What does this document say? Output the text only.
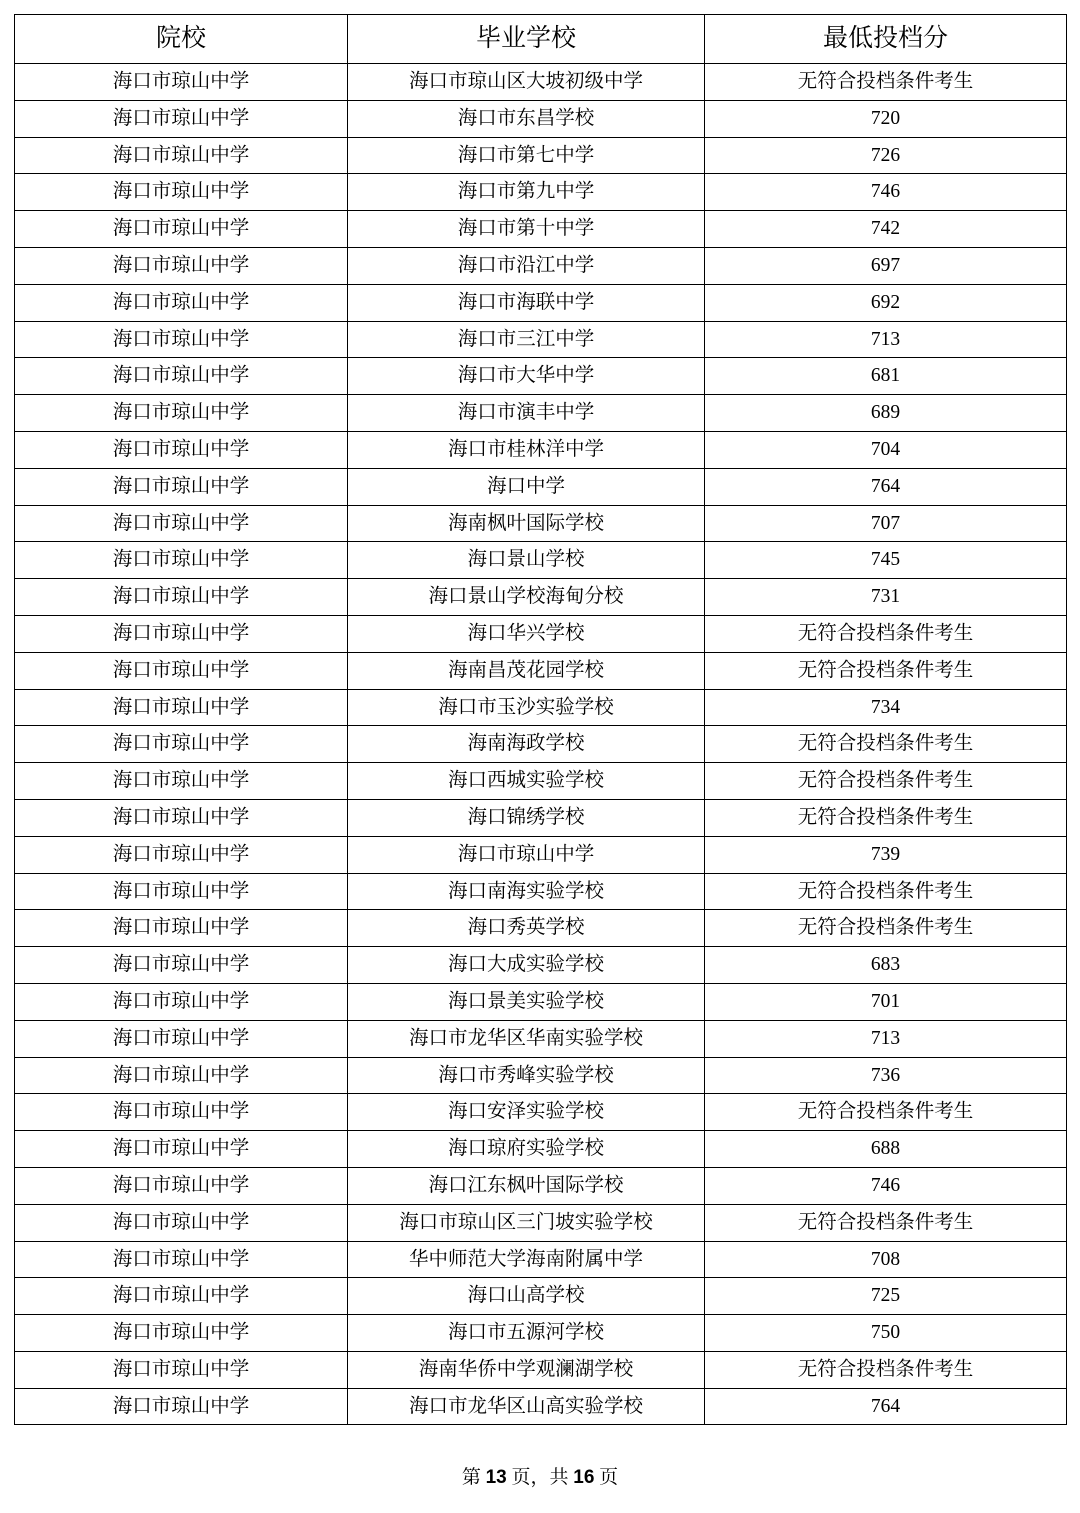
院校	毕业学校	最低投档分
海口市琼山中学	海口市琼山区大坡初级中学	无符合投档条件考生
海口市琼山中学	海口市东昌学校	720
海口市琼山中学	海口市第七中学	726
海口市琼山中学	海口市第九中学	746
海口市琼山中学	海口市第十中学	742
海口市琼山中学	海口市沿江中学	697
海口市琼山中学	海口市海联中学	692
海口市琼山中学	海口市三江中学	713
海口市琼山中学	海口市大华中学	681
海口市琼山中学	海口市演丰中学	689
海口市琼山中学	海口市桂林洋中学	704
海口市琼山中学	海口中学	764
海口市琼山中学	海南枫叶国际学校	707
海口市琼山中学	海口景山学校	745
海口市琼山中学	海口景山学校海甸分校	731
海口市琼山中学	海口华兴学校	无符合投档条件考生
海口市琼山中学	海南昌茂花园学校	无符合投档条件考生
海口市琼山中学	海口市玉沙实验学校	734
海口市琼山中学	海南海政学校	无符合投档条件考生
海口市琼山中学	海口西城实验学校	无符合投档条件考生
海口市琼山中学	海口锦绣学校	无符合投档条件考生
海口市琼山中学	海口市琼山中学	739
海口市琼山中学	海口南海实验学校	无符合投档条件考生
海口市琼山中学	海口秀英学校	无符合投档条件考生
海口市琼山中学	海口大成实验学校	683
海口市琼山中学	海口景美实验学校	701
海口市琼山中学	海口市龙华区华南实验学校	713
海口市琼山中学	海口市秀峰实验学校	736
海口市琼山中学	海口安泽实验学校	无符合投档条件考生
海口市琼山中学	海口琼府实验学校	688
海口市琼山中学	海口江东枫叶国际学校	746
海口市琼山中学	海口市琼山区三门坡实验学校	无符合投档条件考生
海口市琼山中学	华中师范大学海南附属中学	708
海口市琼山中学	海口山高学校	725
海口市琼山中学	海口市五源河学校	750
海口市琼山中学	海南华侨中学观澜湖学校	无符合投档条件考生
海口市琼山中学	海口市龙华区山高实验学校	764
第 13 页，共 16 页
